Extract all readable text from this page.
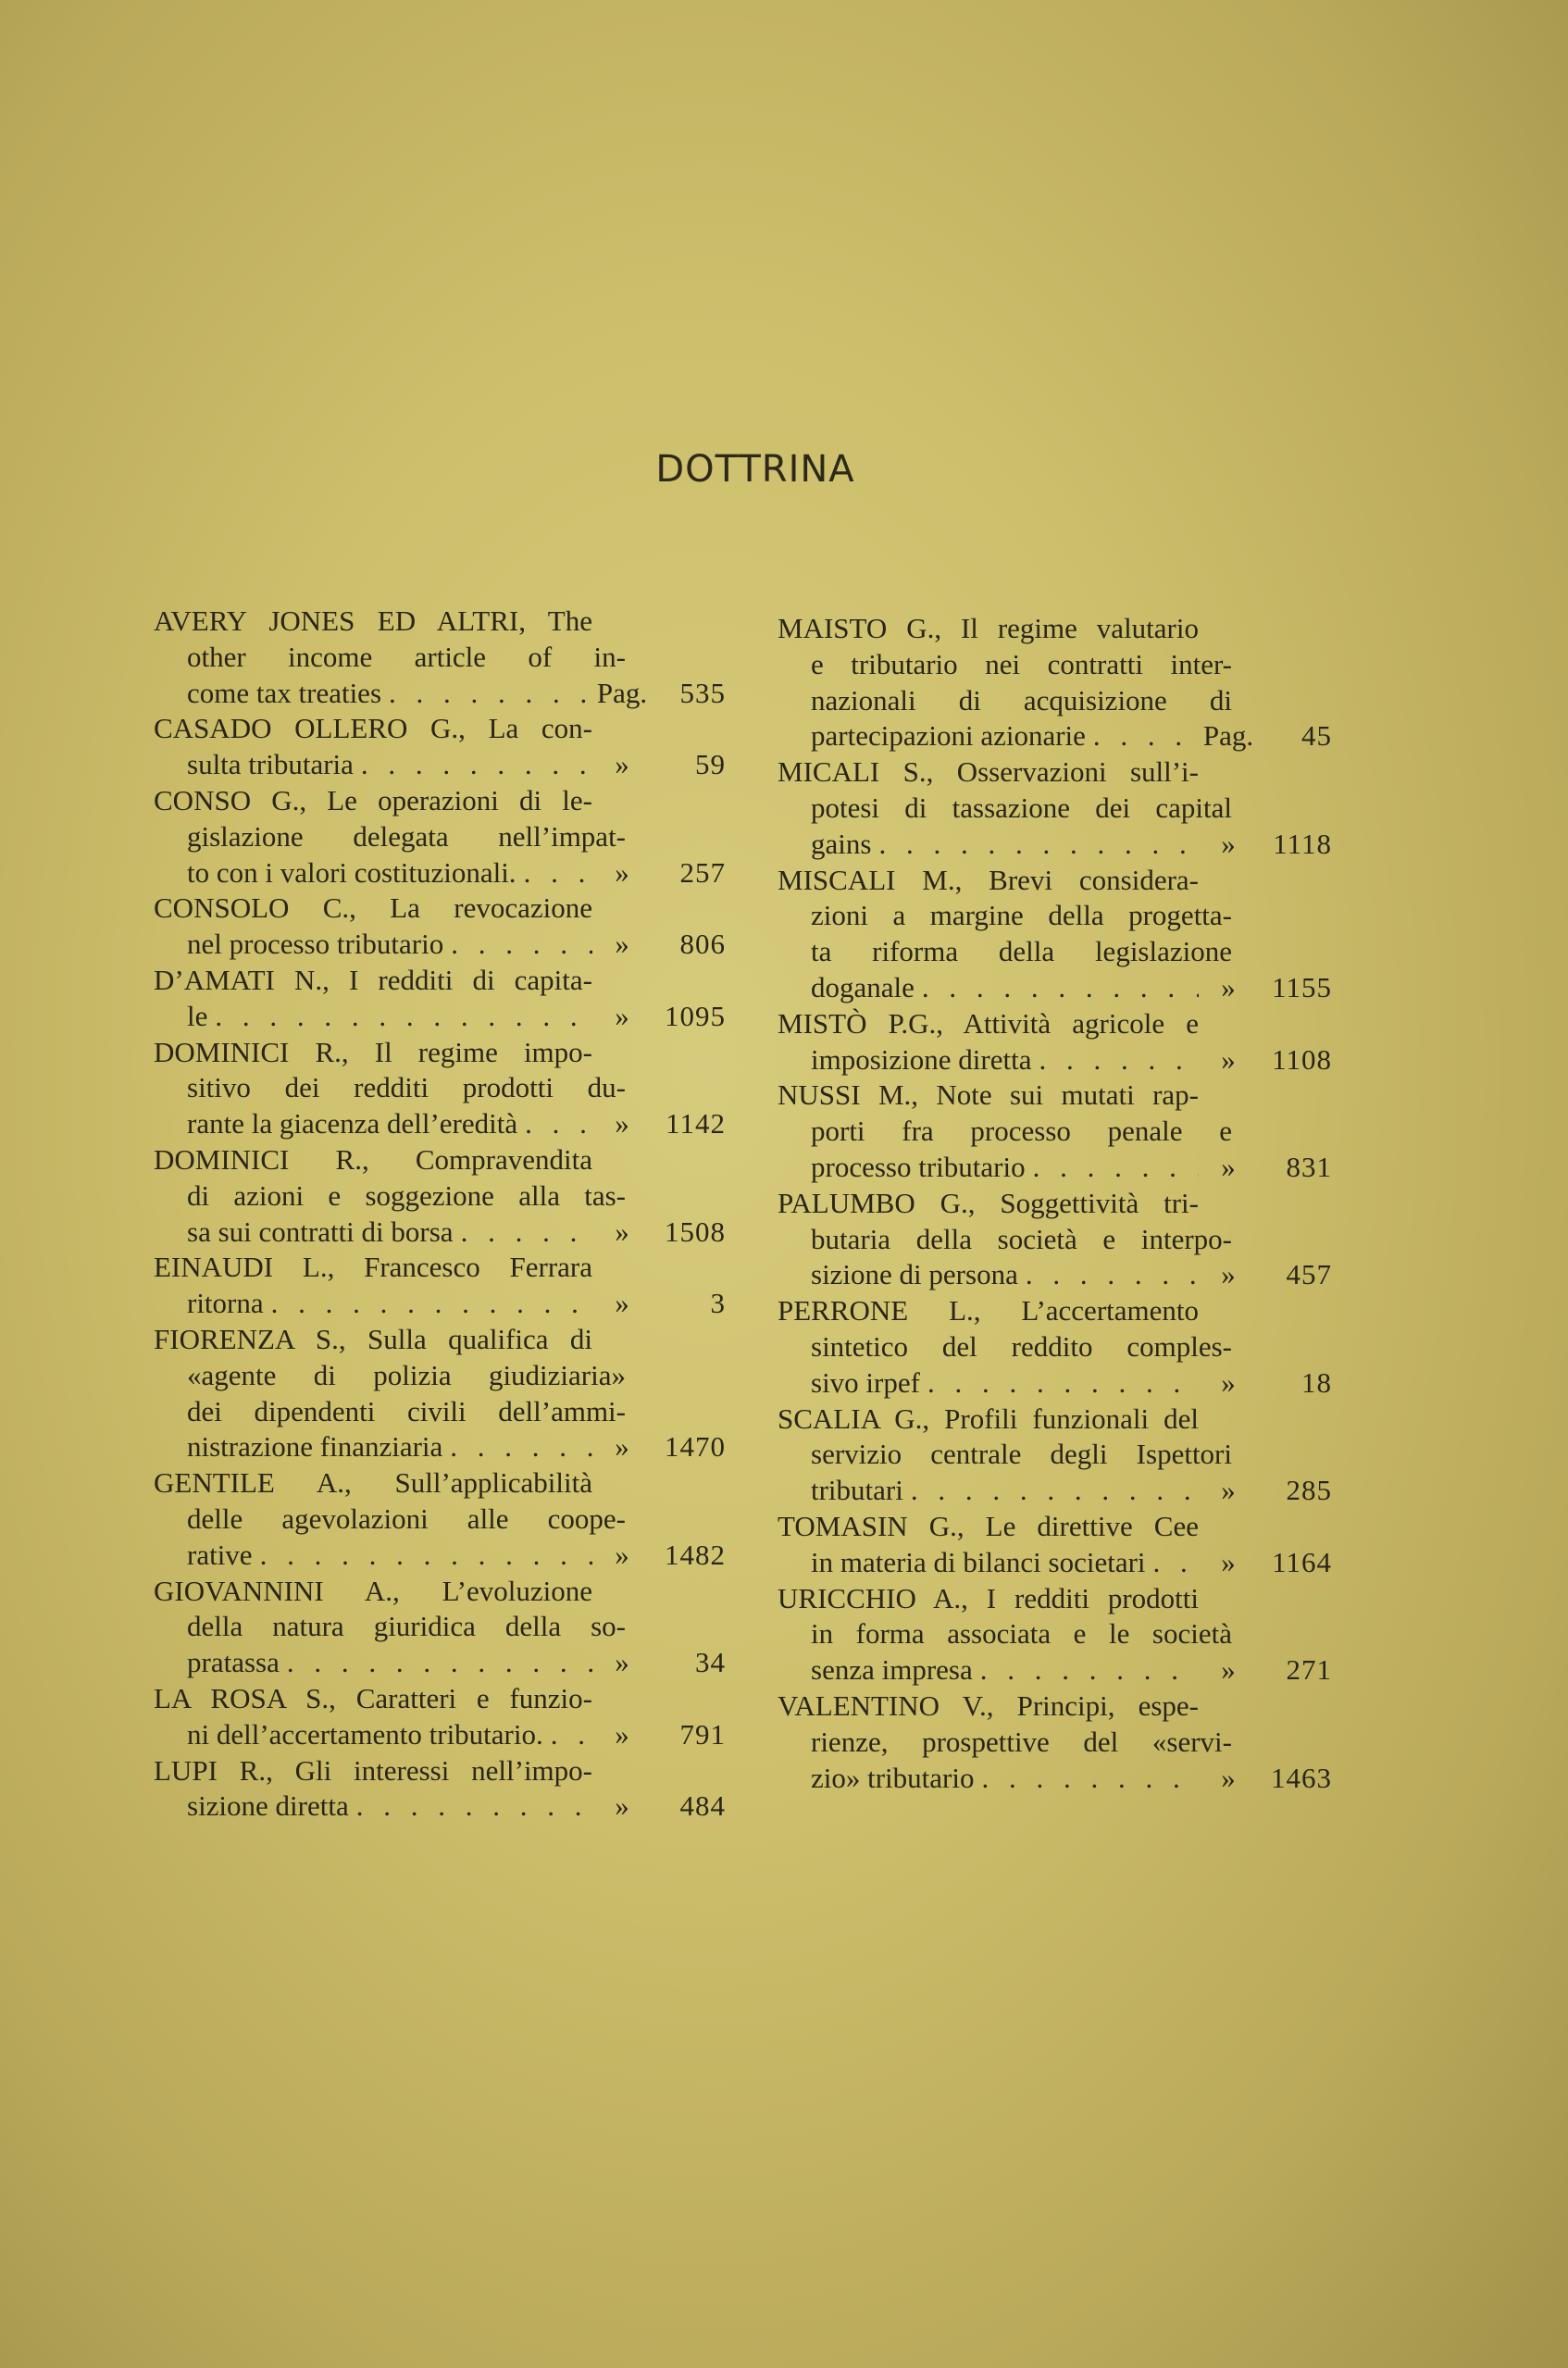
DOTTRINA
AVERY JONES ED ALTRI, The
other income article of in-
come tax treaties . . .	Pag.	535
CASADO OLLERO G., La con-
sulta tributaria . . .	»	59
CONSO G., Le operazioni di le-
gislazione delegata nell’impat-
to con i valori costituzionali. . . .	»	257
CONSOLO C., La revocazione
nel processo tributario . . .	»	806
D’AMATI N., I redditi di capita-
le . . .	»	1095
DOMINICI R., Il regime impo-
sitivo dei redditi prodotti du-
rante la giacenza dell’eredità . . .	»	1142
DOMINICI R., Compravendita
di azioni e soggezione alla tas-
sa sui contratti di borsa . . .	»	1508
EINAUDI L., Francesco Ferrara
ritorna . . .	»	3
FIORENZA S., Sulla qualifica di
«agente di polizia giudiziaria»
dei dipendenti civili dell’ammi-
nistrazione finanziaria . . .	»	1470
GENTILE A., Sull’applicabilità
delle agevolazioni alle coope-
rative . . .	»	1482
GIOVANNINI A., L’evoluzione
della natura giuridica della so-
pratassa . . .	»	34
LA ROSA S., Caratteri e funzio-
ni dell’accertamento tributario. . . .	»	791
LUPI R., Gli interessi nell’impo-
sizione diretta . . .	»	484
MAISTO G., Il regime valutario
e tributario nei contratti inter-
nazionali di acquisizione di
partecipazioni azionarie . . .	Pag.	45
MICALI S., Osservazioni sull’i-
potesi di tassazione dei capital
gains . . .	»	1118
MISCALI M., Brevi considera-
zioni a margine della progetta-
ta riforma della legislazione
doganale . . .	»	1155
MISTÒ P.G., Attività agricole e
imposizione diretta . . .	»	1108
NUSSI M., Note sui mutati rap-
porti fra processo penale e
processo tributario . . .	»	831
PALUMBO G., Soggettività tri-
butaria della società e interpo-
sizione di persona . . .	»	457
PERRONE L., L’accertamento
sintetico del reddito comples-
sivo irpef . . .	»	18
SCALIA G., Profili funzionali del
servizio centrale degli Ispettori
tributari . . .	»	285
TOMASIN G., Le direttive Cee
in materia di bilanci societari . . .	»	1164
URICCHIO A., I redditi prodotti
in forma associata e le società
senza impresa . . .	»	271
VALENTINO V., Principi, espe-
rienze, prospettive del «servi-
zio» tributario . . .	»	1463
